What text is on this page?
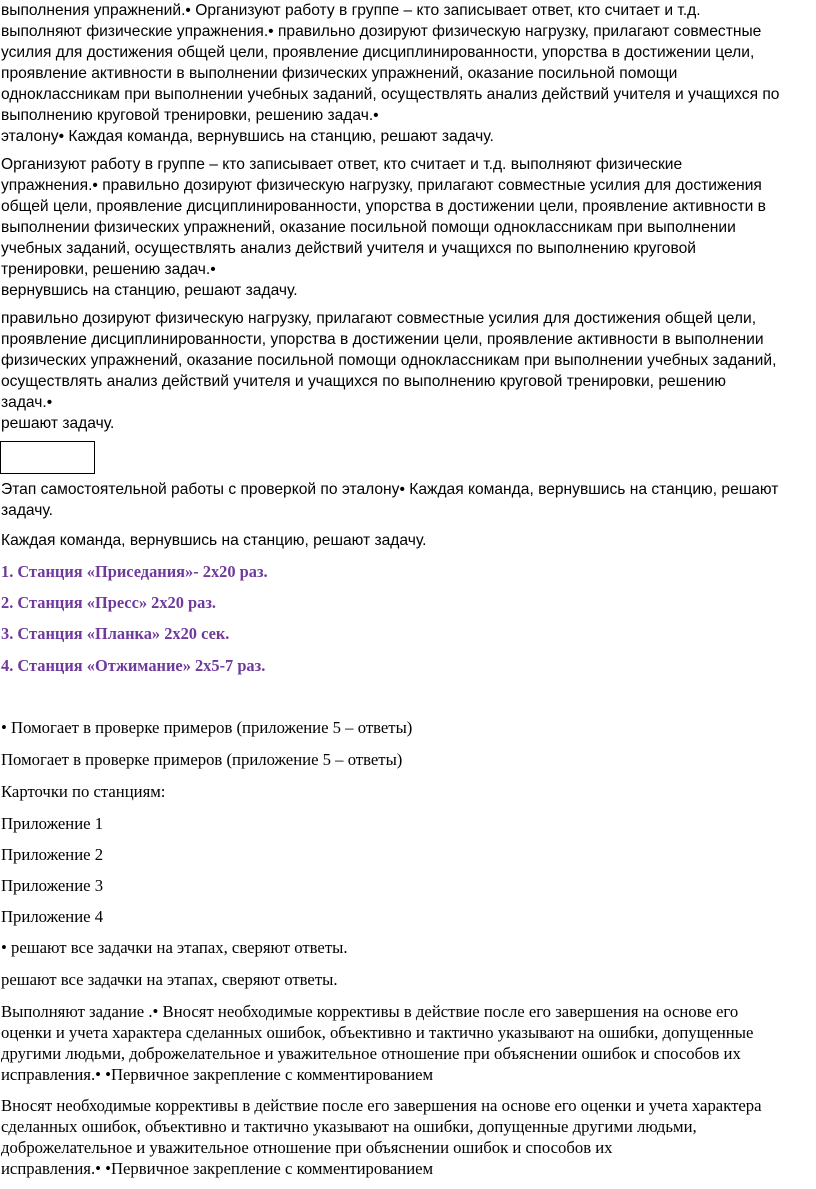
выполнения упражнений.• Организуют работу в группе – кто записывает ответ, кто считает и т.д.
выполняют физические упражнения.• правильно дозируют физическую нагрузку, прилагают совместные
усилия для достижения общей цели, проявление дисциплинированности, упорства в достижении цели,
проявление активности в выполнении физических упражнений, оказание посильной помощи
одноклассникам при выполнении учебных заданий, осуществлять анализ действий учителя и учащихся по
выполнению круговой тренировки, решению задач.•
эталону• Каждая команда, вернувшись на станцию, решают задачу.
Организуют работу в группе – кто записывает ответ, кто считает и т.д. выполняют физические
упражнения.• правильно дозируют физическую нагрузку, прилагают совместные усилия для достижения
общей цели, проявление дисциплинированности, упорства в достижении цели, проявление активности в
выполнении физических упражнений, оказание посильной помощи одноклассникам при выполнении
учебных заданий, осуществлять анализ действий учителя и учащихся по выполнению круговой
тренировки, решению задач.•
вернувшись на станцию, решают задачу.
правильно дозируют физическую нагрузку, прилагают совместные усилия для достижения общей цели,
проявление дисциплинированности, упорства в достижении цели, проявление активности в выполнении
физических упражнений, оказание посильной помощи одноклассникам при выполнении учебных заданий,
осуществлять анализ действий учителя и учащихся по выполнению круговой тренировки, решению
задач.•
решают задачу.
Этап самостоятельной работы с проверкой по эталону• Каждая команда, вернувшись на станцию, решают
задачу.
Каждая команда, вернувшись на станцию, решают задачу.
1. Станция «Приседания»- 2х20 раз.
2. Станция «Пресс» 2х20 раз.
3. Станция «Планка» 2х20 сек.
4. Станция «Отжимание» 2х5-7 раз.
• Помогает в проверке примеров (приложение 5 – ответы)
Помогает в проверке примеров (приложение 5 – ответы)
Карточки по станциям:
Приложение 1
Приложение 2
Приложение 3
Приложение 4
• решают все задачки на этапах, сверяют ответы.
решают все задачки на этапах, сверяют ответы.
Выполняют задание .• Вносят необходимые коррективы в действие после его завершения на основе его
оценки и учета характера сделанных ошибок, объективно и тактично указывают на ошибки, допущенные
другими людьми, доброжелательное и уважительное отношение при объяснении ошибок и способов их
исправления.• •Первичное закрепление с комментированием
Вносят необходимые коррективы в действие после его завершения на основе его оценки и учета характера
сделанных ошибок, объективно и тактично указывают на ошибки, допущенные другими людьми,
доброжелательное и уважительное отношение при объяснении ошибок и способов их
исправления.• •Первичное закрепление с комментированием
